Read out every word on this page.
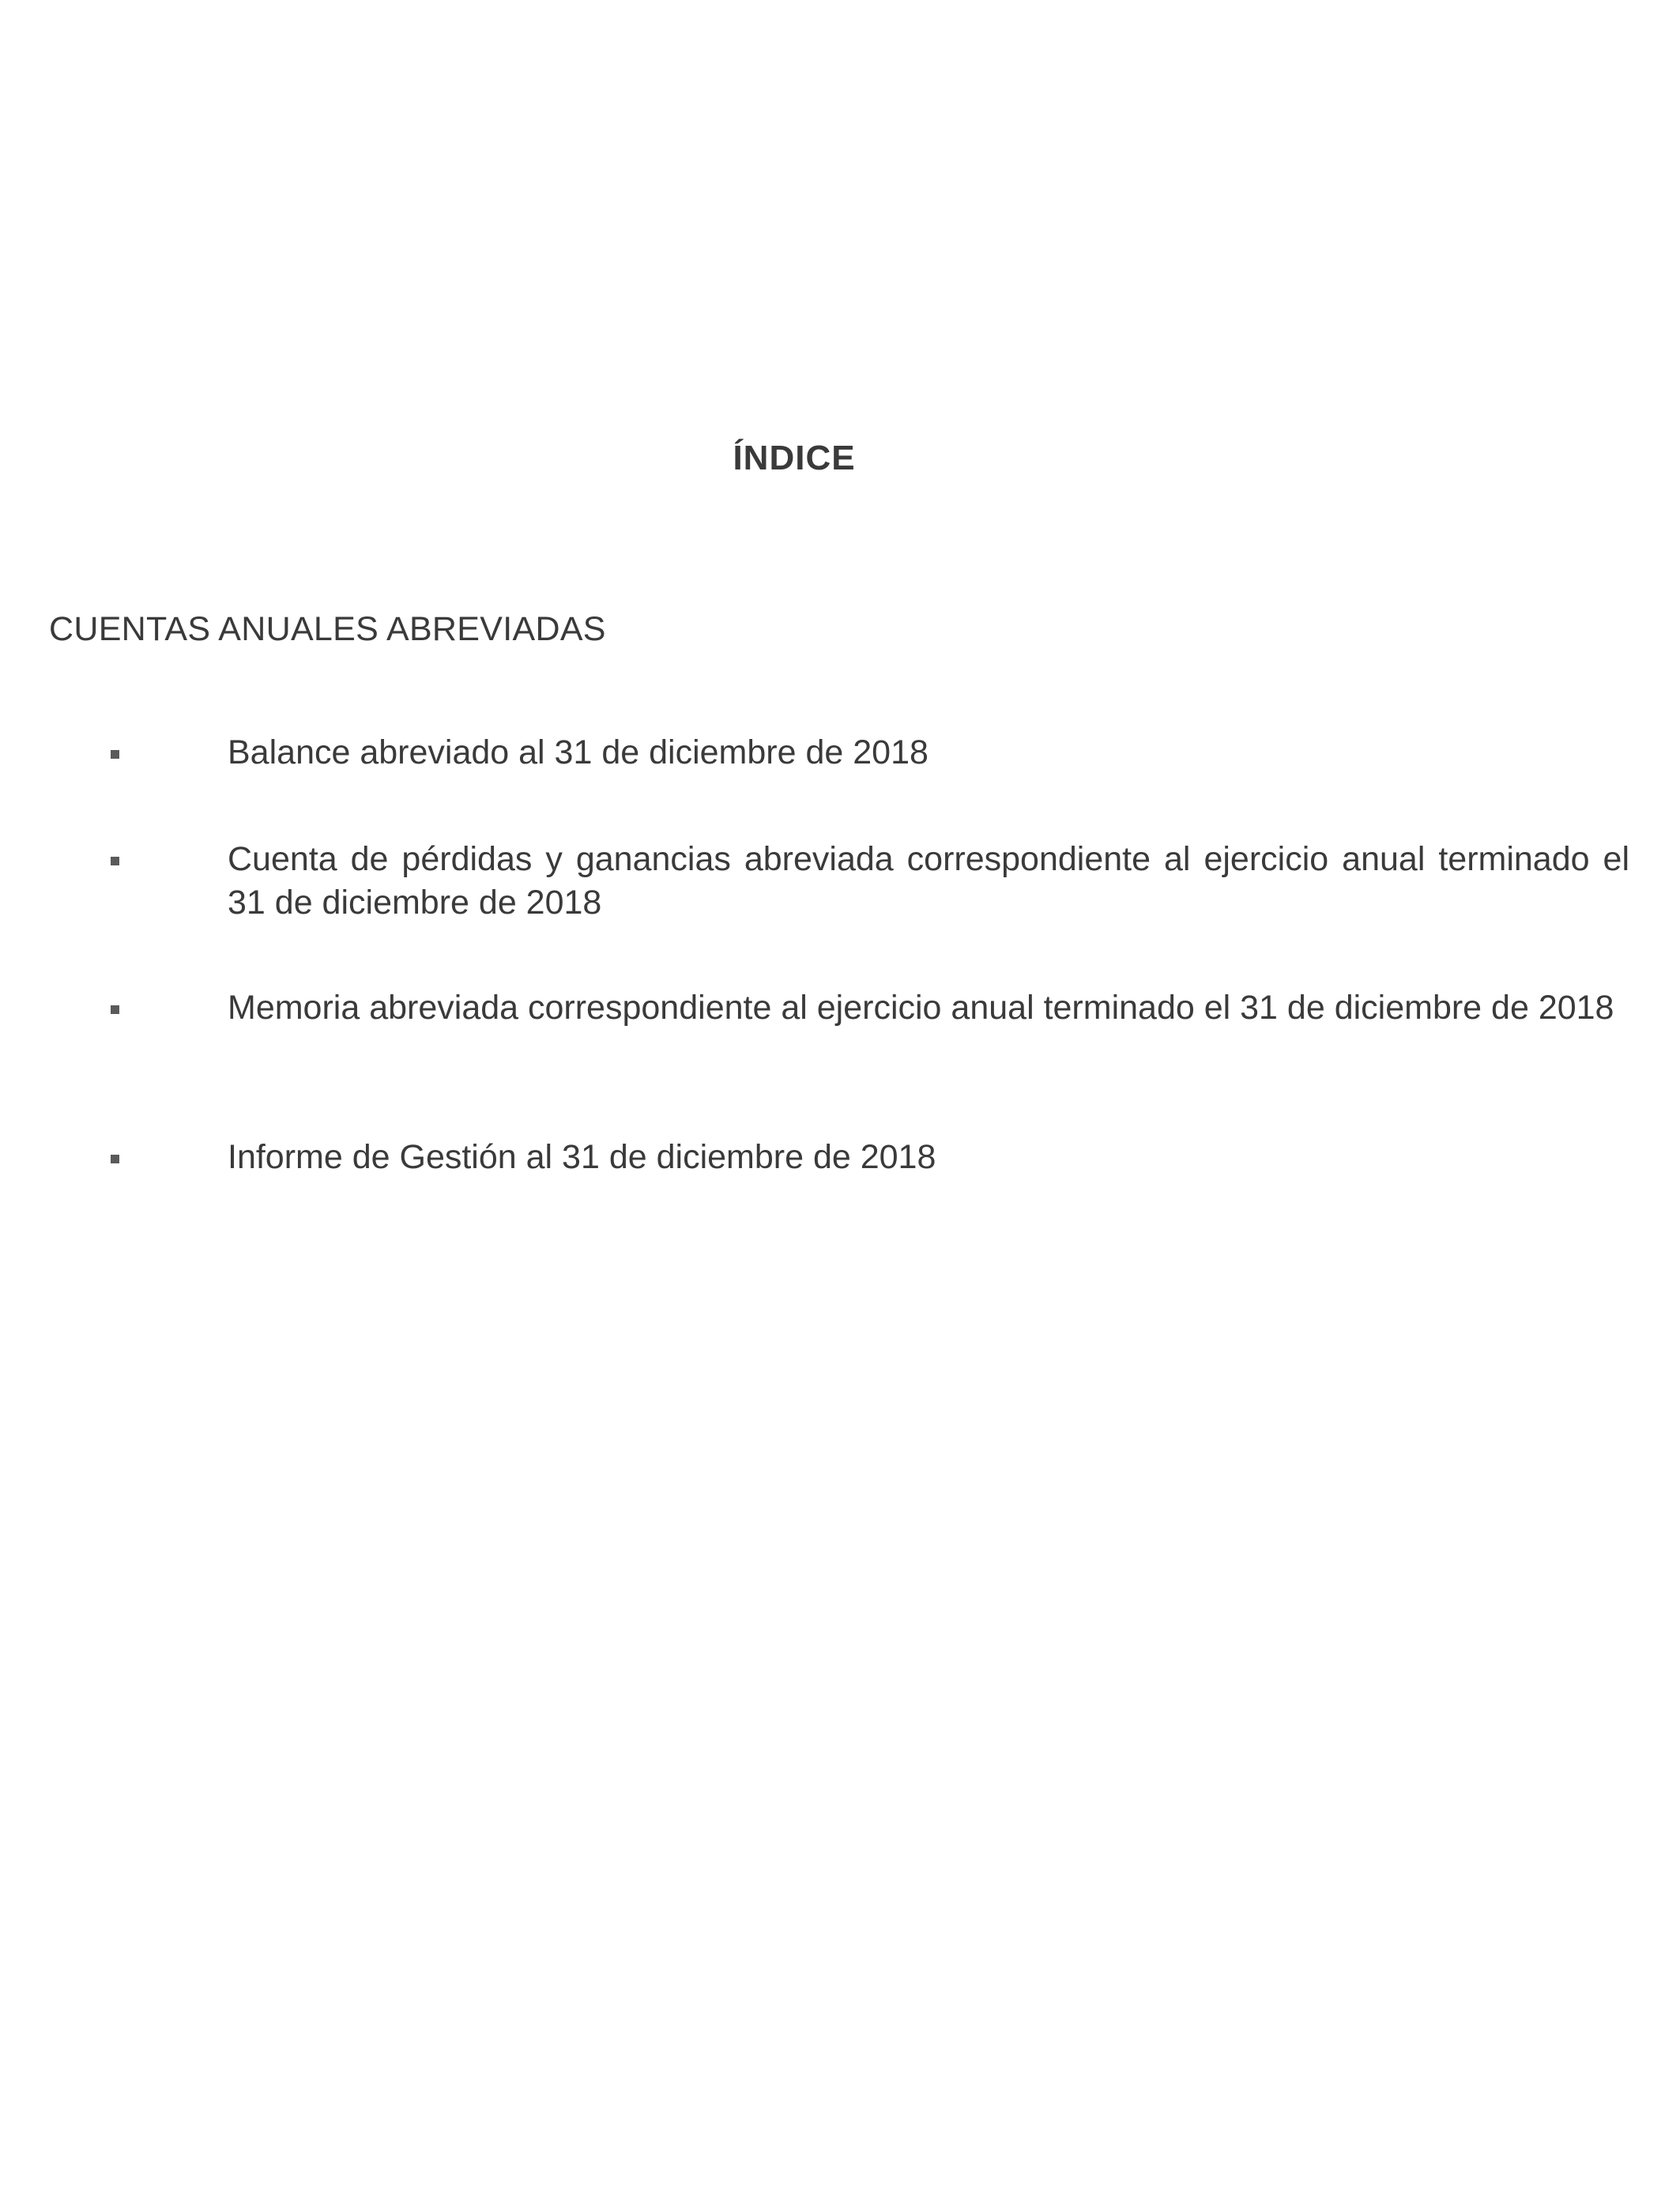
ÍNDICE
CUENTAS ANUALES ABREVIADAS

Balance abreviado al 31 de diciembre de 2018

Cuenta de pérdidas y ganancias abreviada correspondiente al ejercicio anual terminado el 31 de diciembre de 2018

Memoria abreviada correspondiente al ejercicio anual terminado el 31 de diciembre de 2018

Informe de Gestión al 31 de diciembre de 2018
